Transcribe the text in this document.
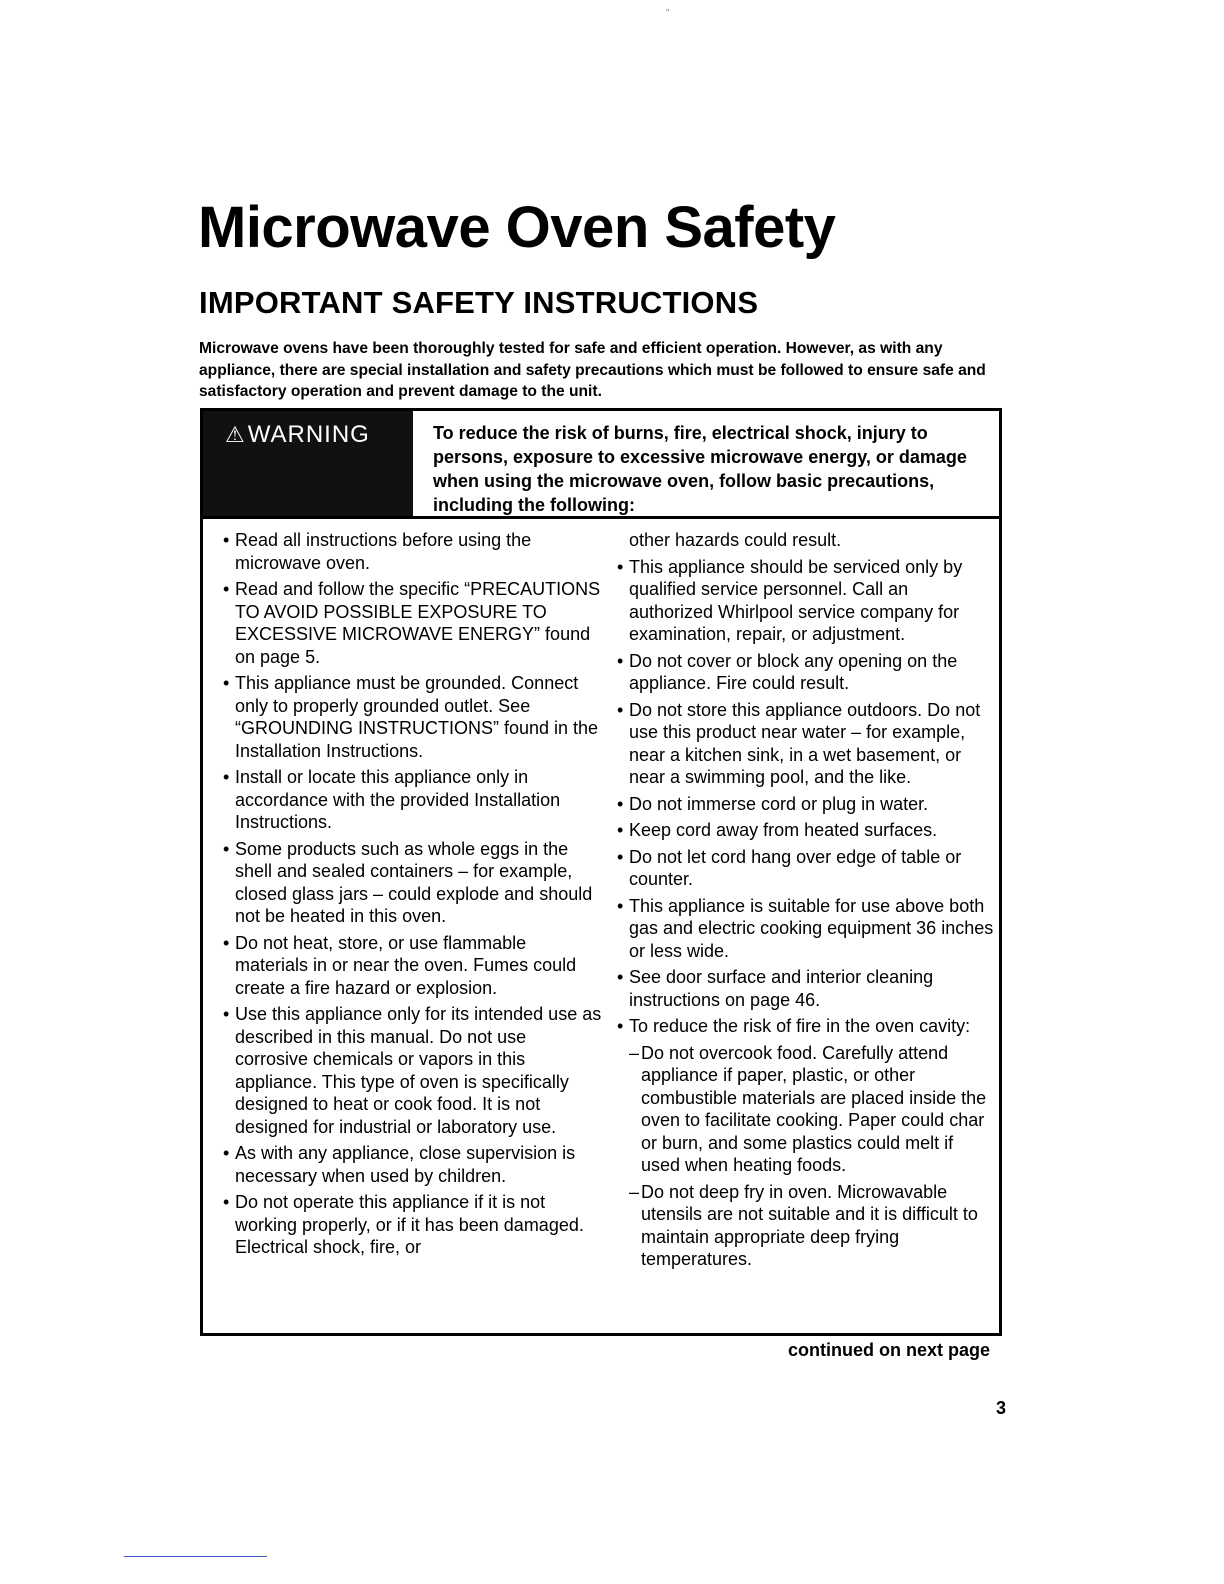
"
Microwave Oven Safety
IMPORTANT SAFETY INSTRUCTIONS

Microwave ovens have been thoroughly tested for safe and efficient operation. However, as with any appliance, there are special installation and safety precautions which must be followed to ensure safe and satisfactory operation and prevent damage to the unit.

⚠WARNING	To reduce the risk of burns, fire, electrical shock, injury to persons, exposure to excessive microwave energy, or damage when using the microwave oven, follow basic precautions, including the following:

• Read all instructions before using the microwave oven.
• Read and follow the specific “PRECAUTIONS TO AVOID POSSIBLE EXPOSURE TO EXCESSIVE MICROWAVE ENERGY” found on page 5.
• This appliance must be grounded. Connect only to properly grounded outlet. See “GROUNDING INSTRUCTIONS” found in the Installation Instructions.
• Install or locate this appliance only in accordance with the provided Installation Instructions.
• Some products such as whole eggs in the shell and sealed containers – for example, closed glass jars – could explode and should not be heated in this oven.
• Do not heat, store, or use flammable materials in or near the oven. Fumes could create a fire hazard or explosion.
• Use this appliance only for its intended use as described in this manual. Do not use corrosive chemicals or vapors in this appliance. This type of oven is specifically designed to heat or cook food. It is not designed for industrial or laboratory use.
• As with any appliance, close supervision is necessary when used by children.
• Do not operate this appliance if it is not working properly, or if it has been damaged. Electrical shock, fire, or
other hazards could result.
• This appliance should be serviced only by qualified service personnel. Call an authorized Whirlpool service company for examination, repair, or adjustment.
• Do not cover or block any opening on the appliance. Fire could result.
• Do not store this appliance outdoors. Do not use this product near water – for example, near a kitchen sink, in a wet basement, or near a swimming pool, and the like.
• Do not immerse cord or plug in water.
• Keep cord away from heated surfaces.
• Do not let cord hang over edge of table or counter.
• This appliance is suitable for use above both gas and electric cooking equipment 36 inches or less wide.
• See door surface and interior cleaning instructions on page 46.
• To reduce the risk of fire in the oven cavity:
– Do not overcook food. Carefully attend appliance if paper, plastic, or other combustible materials are placed inside the oven to facilitate cooking. Paper could char or burn, and some plastics could melt if used when heating foods.
– Do not deep fry in oven. Microwavable utensils are not suitable and it is difficult to maintain appropriate deep frying temperatures.
continued on next page
3
